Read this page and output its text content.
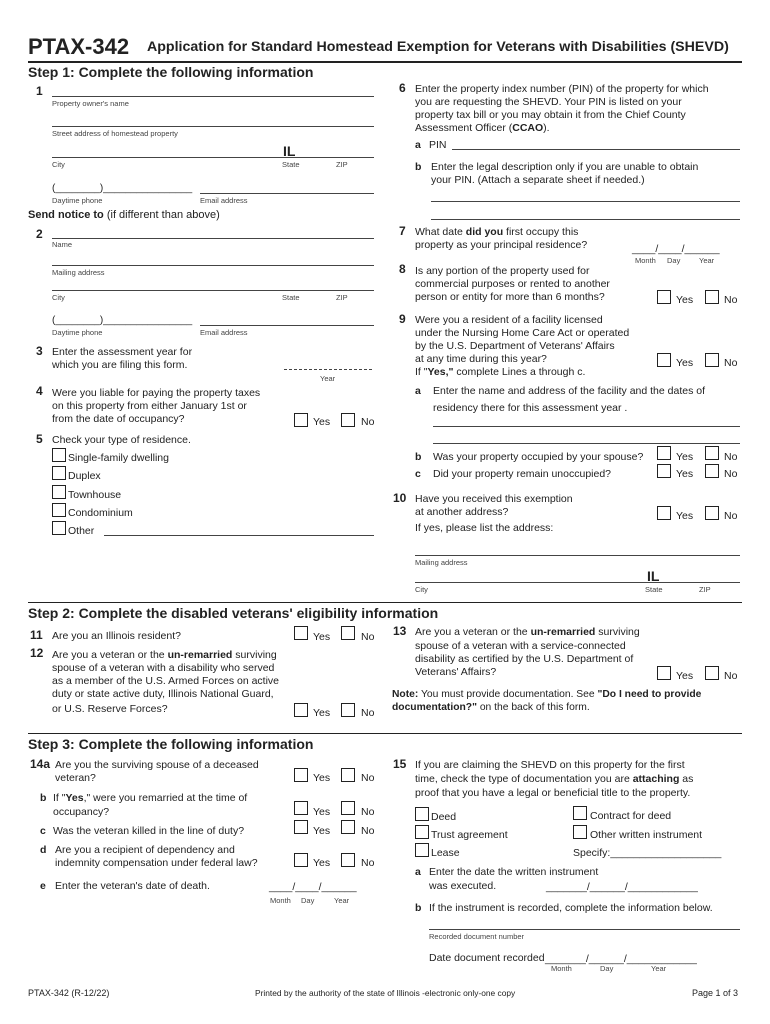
PTAX-342 Application for Standard Homestead Exemption for Veterans with Disabilities (SHEVD)
Step 1: Complete the following information
1
Property owner's name
Street address of homestead property
IL
City	State	ZIP
(________)________________
Daytime phone	Email address
Send notice to (if different than above)
2
Name
Mailing address
City	State	ZIP
(________)________________
Daytime phone	Email address
3 Enter the assessment year for
which you are filing this form.
Year
4 Were you liable for paying the property taxes
on this property from either January 1st or
from the date of occupancy?	Yes	No
5 Check your type of residence.
Single-family dwelling
Duplex
Townhouse
Condominium
Other
6 Enter the property index number (PIN) of the property for which
you are requesting the SHEVD. Your PIN is listed on your
property tax bill or you may obtain it from the Chief County
Assessment Officer (CCAO).
a PIN
b Enter the legal description only if you are unable to obtain
your PIN. (Attach a separate sheet if needed.)
7 What date did you first occupy this
property as your principal residence?	____/____/______
Month Day Year
8 Is any portion of the property used for
commercial purposes or rented to another
person or entity for more than 6 months?	Yes	No
9 Were you a resident of a facility licensed
under the Nursing Home Care Act or operated
by the U.S. Department of Veterans' Affairs
at any time during this year?
If "Yes," complete Lines a through c.
Yes	No
a Enter the name and address of the facility and the dates of
residency there for this assessment year .
b Was your property occupied by your spouse?	Yes	No
c Did your property remain unoccupied?	Yes	No
10 Have you received this exemption
at another address?
If yes, please list the address:
Yes	No
Mailing address
IL
City	State	ZIP
Step 2: Complete the disabled veterans' eligibility information
11 Are you an Illinois resident?	Yes	No
12 Are you a veteran or the un-remarried surviving
spouse of a veteran with a disability who served
as a member of the U.S. Armed Forces on active
duty or state active duty, Illinois National Guard,
or U.S. Reserve Forces?	Yes	No
13 Are you a veteran or the un-remarried surviving
spouse of a veteran with a service-connected
disability as certified by the U.S. Department of
Veterans' Affairs?	Yes	No
Note: You must provide documentation. See "Do I need to provide
documentation?" on the back of this form.
Step 3: Complete the following information
14a Are you the surviving spouse of a deceased
veteran?	Yes	No
b If "Yes," were you remarried at the time of
occupancy?	Yes	No
c Was the veteran killed in the line of duty?	Yes	No
d Are you a recipient of dependency and
indemnity compensation under federal law?	Yes	No
e Enter the veteran's date of death.	____/____/______
Month Day	Year
15 If you are claiming the SHEVD on this property for the first
time, check the type of documentation you are attaching as
proof that you have a legal or beneficial title to the property.
Deed
Trust agreement
Lease
Contract for deed
Other written instrument
Specify:___________________
a Enter the date the written instrument
was executed.	_______/______/____________
b If the instrument is recorded, complete the information below.
Recorded document number
Date document recorded _______/______/____________
Month	Day	Year
PTAX-342 (R-12/22)	Printed by the authority of the state of Illinois -electronic only-one copy	Page 1 of 3
